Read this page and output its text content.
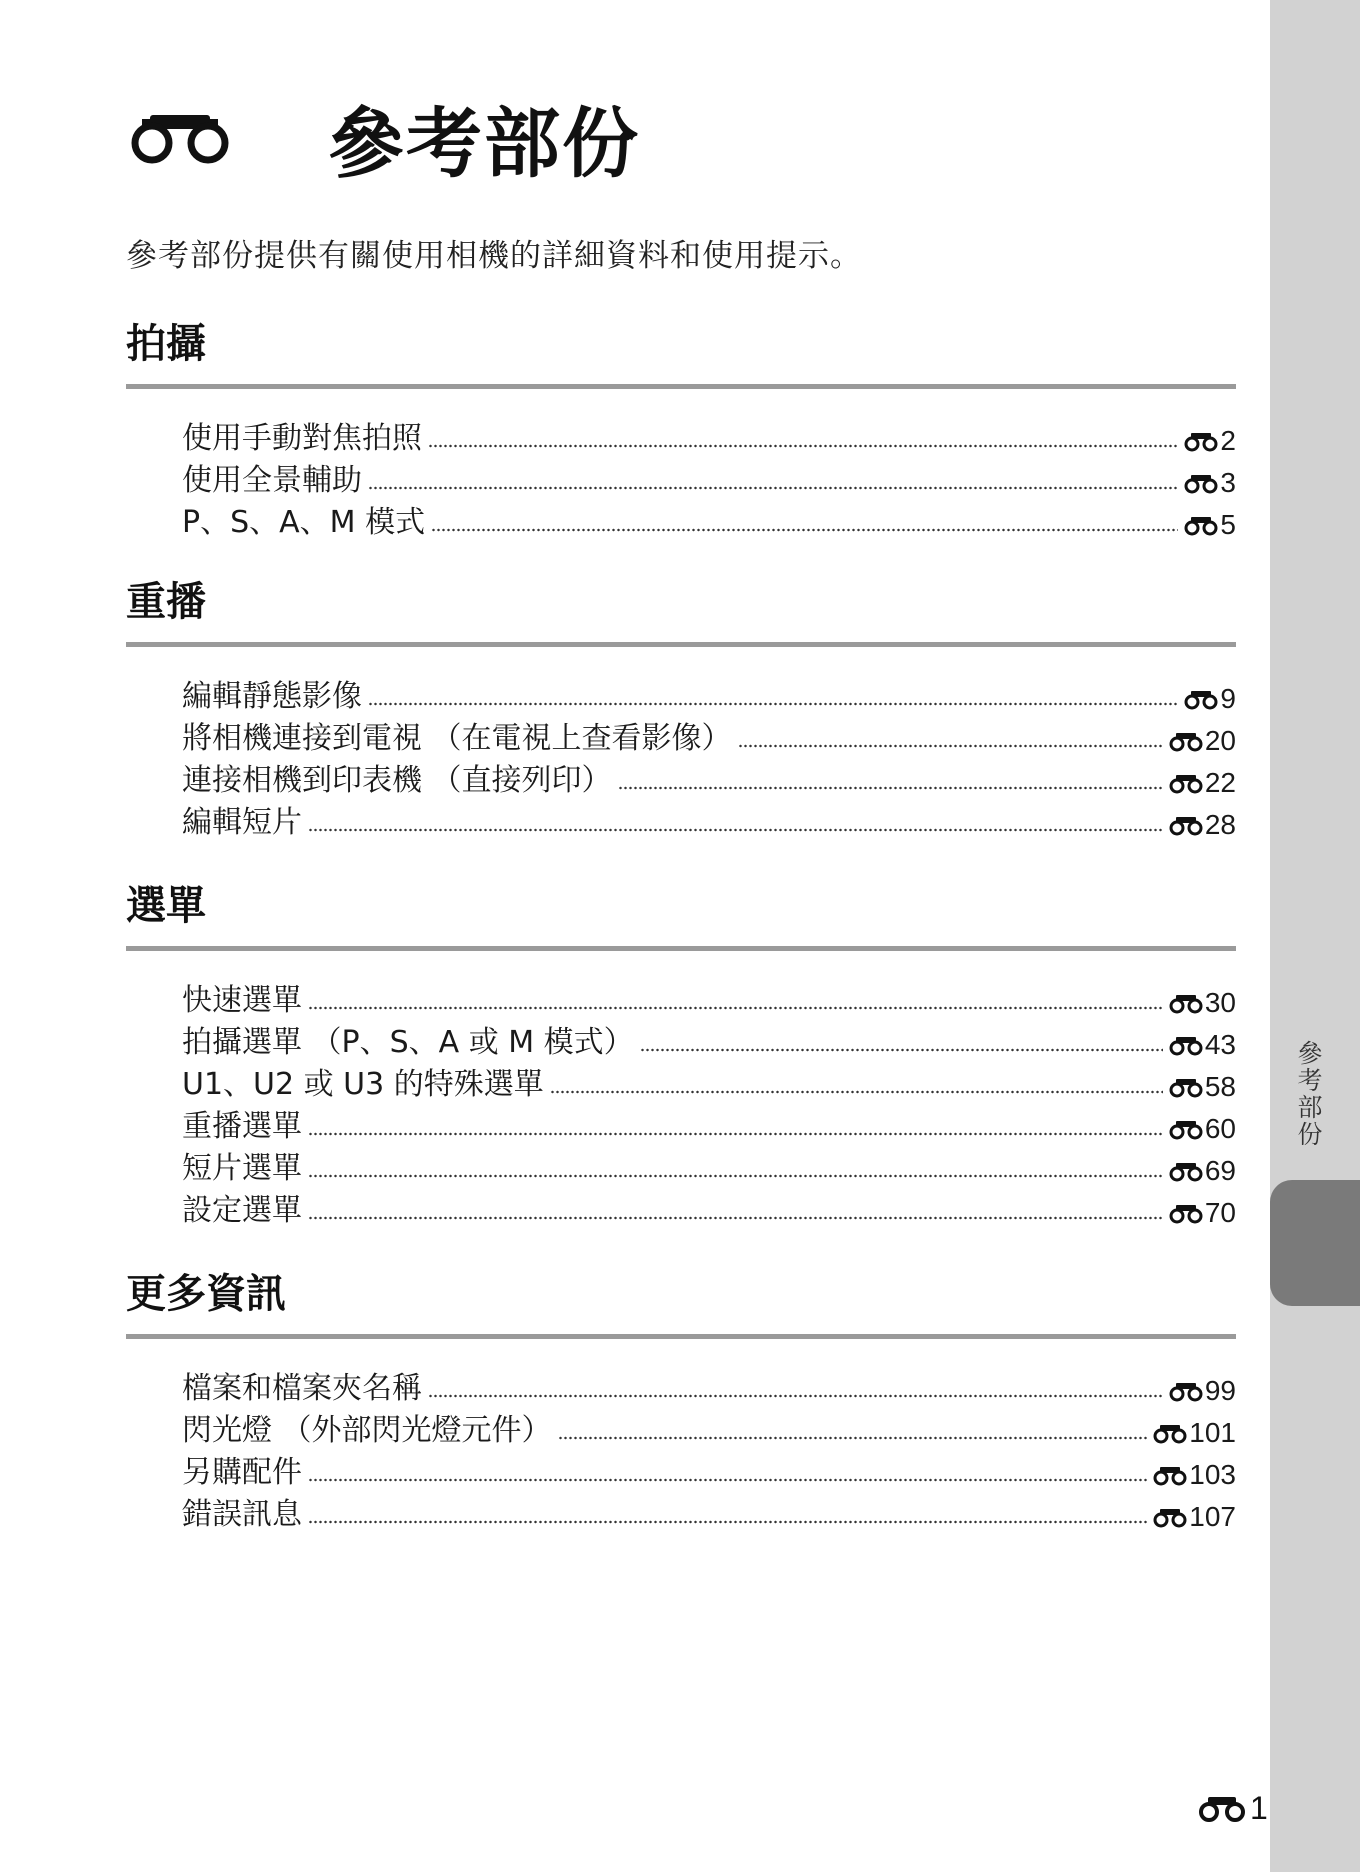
參考部份
參考部份提供有關使用相機的詳細資料和使用提示。
拍攝
使用手動對焦拍照	2
使用全景輔助	3
P、S、A、M 模式	5
重播
編輯靜態影像	9
將相機連接到電視 （在電視上查看影像）	20
連接相機到印表機 （直接列印）	22
編輯短片	28
選單
快速選單	30
拍攝選單 （P、S、A 或 M 模式）	43
U1、U2 或 U3 的特殊選單	58
重播選單	60
短片選單	69
設定選單	70
更多資訊
檔案和檔案夾名稱	99
閃光燈 （外部閃光燈元件）	101
另購配件	103
錯誤訊息	107
參考部份
1
